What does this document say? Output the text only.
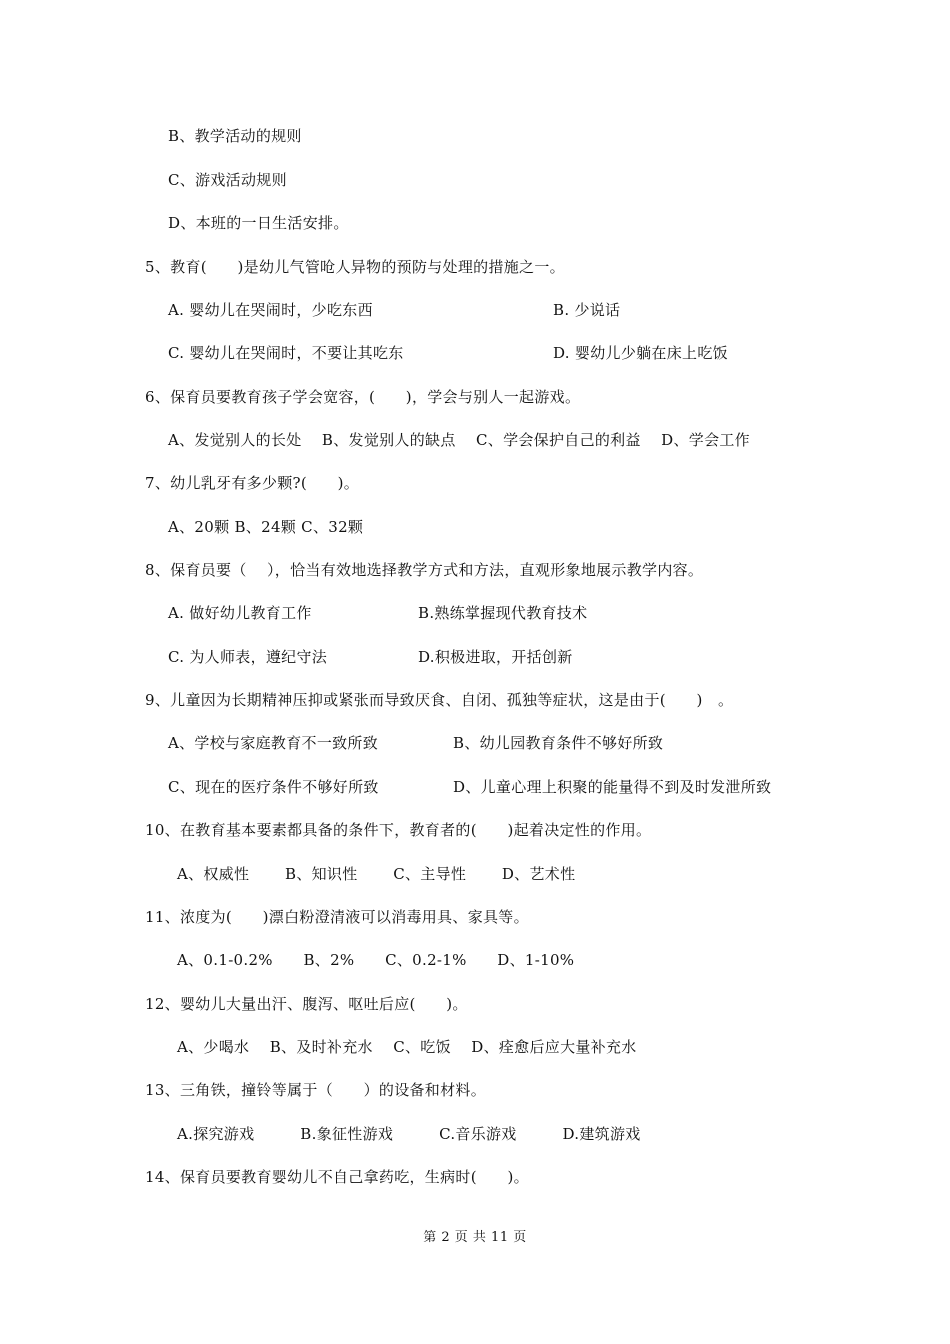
B、教学活动的规则
C、游戏活动规则
D、本班的一日生活安排。
5、教育(　　)是幼儿气管呛人异物的预防与处理的措施之一。
A. 婴幼儿在哭闹时，少吃东西	B. 少说话
C. 婴幼儿在哭闹时，不要让其吃东	D. 婴幼儿少躺在床上吃饭
6、保育员要教育孩子学会宽容，(　　)，学会与别人一起游戏。
A、发觉别人的长处　 B、发觉别人的缺点　 C、学会保护自己的利益　 D、学会工作
7、幼儿乳牙有多少颗?(　　)。
A、20颗 B、24颗 C、32颗
8、保育员要（　 ），恰当有效地选择教学方式和方法，直观形象地展示教学内容。
A. 做好幼儿教育工作	B.熟练掌握现代教育技术
C. 为人师表，遵纪守法	D.积极进取，开括创新
9、儿童因为长期精神压抑或紧张而导致厌食、自闭、孤独等症状，这是由于(　　)　。
A、学校与家庭教育不一致所致	B、幼儿园教育条件不够好所致
C、现在的医疗条件不够好所致	D、儿童心理上积聚的能量得不到及时发泄所致
10、在教育基本要素都具备的条件下，教育者的(　　)起着决定性的作用。
A、权威性　　 B、知识性　　 C、主导性　　 D、艺术性
11、浓度为(　　)漂白粉澄清液可以消毒用具、家具等。
A、0.1-0.2%　　B、2%　　C、0.2-1%　　D、1-10%
12、婴幼儿大量出汗、腹泻、呕吐后应(　　)。
A、少喝水　 B、及时补充水　 C、吃饭　 D、痊愈后应大量补充水
13、三角铁，撞铃等属于（　　）的设备和材料。
A.探究游戏　　　B.象征性游戏　　　C.音乐游戏　　　D.建筑游戏
14、保育员要教育婴幼儿不自己拿药吃，生病时(　　)。
第 2 页 共 11 页
